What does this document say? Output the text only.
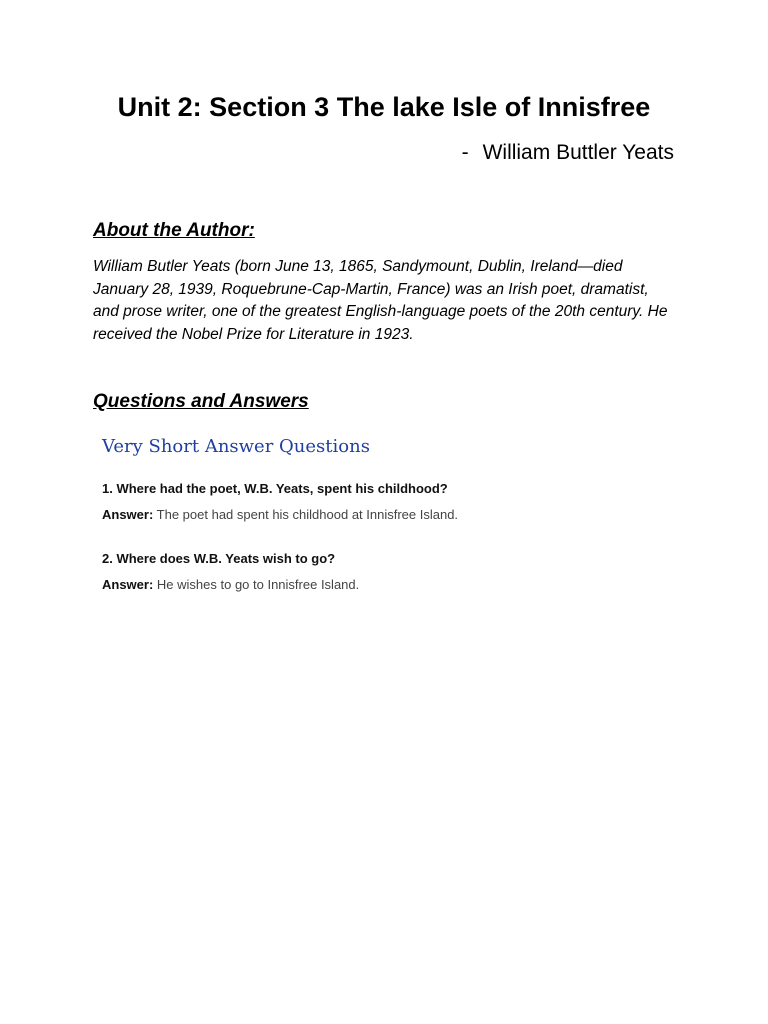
Unit 2: Section 3 The lake Isle of Innisfree
- William Buttler Yeats
About the Author:
William Butler Yeats (born June 13, 1865, Sandymount, Dublin, Ireland—died January 28, 1939, Roquebrune-Cap-Martin, France) was an Irish poet, dramatist, and prose writer, one of the greatest English-language poets of the 20th century. He received the Nobel Prize for Literature in 1923.
Questions and Answers
Very Short Answer Questions
1. Where had the poet, W.B. Yeats, spent his childhood?
Answer: The poet had spent his childhood at Innisfree Island.
2. Where does W.B. Yeats wish to go?
Answer: He wishes to go to Innisfree Island.
